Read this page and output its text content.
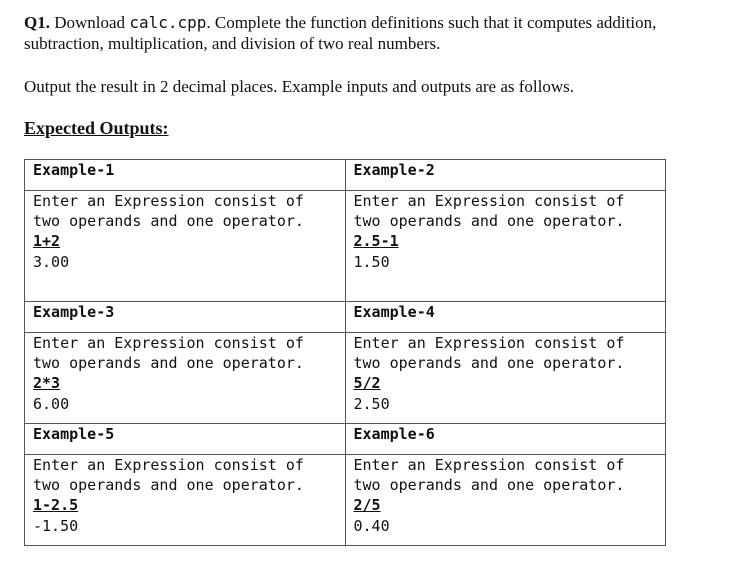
Q1. Download calc.cpp. Complete the function definitions such that it computes addition,

subtraction, multiplication, and division of two real numbers.

Output the result in 2 decimal places. Example inputs and outputs are as follows.

Expected Outputs:

Example-1	Example-2

Enter an Expression consist of
two operands and one operator.
1+2
3.00	Enter an Expression consist of
two operands and one operator.
2.5-1
1.50

Example-3	Example-4

Enter an Expression consist of
two operands and one operator.
2*3
6.00	Enter an Expression consist of
two operands and one operator.
5/2
2.50

Example-5	Example-6

Enter an Expression consist of
two operands and one operator.
1-2.5
-1.50	Enter an Expression consist of
two operands and one operator.
2/5
0.40
